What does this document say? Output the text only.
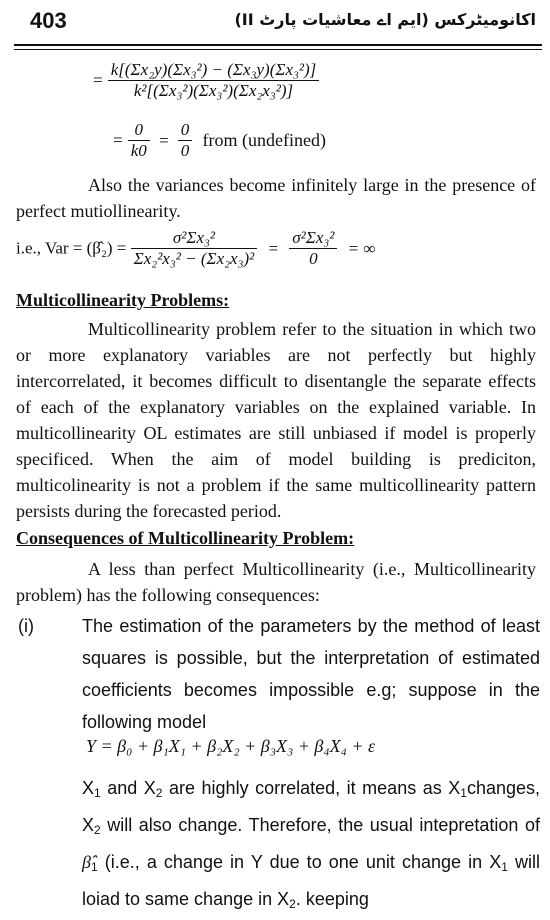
403	اکانومیٹرکس (ایم اے معاشیات پارٹ II)
= $\frac{\text{k[(Σx₂y)(Σx₃²) − (Σx₃y)(Σx₃²)]}}{\text{k²[(Σx₃²)(Σx₃²)(Σx₂x₃²)]}}$
= $\frac{0}{k0} = \frac{0}{0}$ from (undefined)
Also the variances become infinitely large in the presence of perfect mutiollinearity.
i.e., Var = (β̂₂) = $\frac{\text{σ²Σx₃²}}{\text{Σx₂²x₃² − (Σx₂x₃)²}} = \frac{\text{σ²Σx₃²}}{0}$ = ∞
Multicollinearity Problems:
Multicollinearity problem refer to the situation in which two or more explanatory variables are not perfectly but highly intercorrelated, it becomes difficult to disentangle the separate effects of each of the explanatory variables on the explained variable. In multicollinearity OL estimates are still unbiased if model is properly specificed. When the aim of model building is prediciton, multicolinearity is not a problem if the same multicollinearity pattern persists during the forecasted period.
Consequences of Multicollinearity Problem:
A less than perfect Multicollinearity (i.e., Multicollinearity problem) has the following consequences:
(i)	The estimation of the parameters by the method of least squares is possible, but the interpretation of estimated coefficients becomes impossible e.g; suppose in the following model
Y = β₀ + β₁X₁ + β₂X₂ + β₃X₃ + β₄X₄ + ε
$X_1$ and $X_2$ are highly correlated, it means as $X_1changes$, $X_2$ will also change. Therefore, the usual intepretation of $\betâ_1$ (i.e., a change in Y due to one unit change in $X_1$ will loiad to same change in $X_2$. keeping
